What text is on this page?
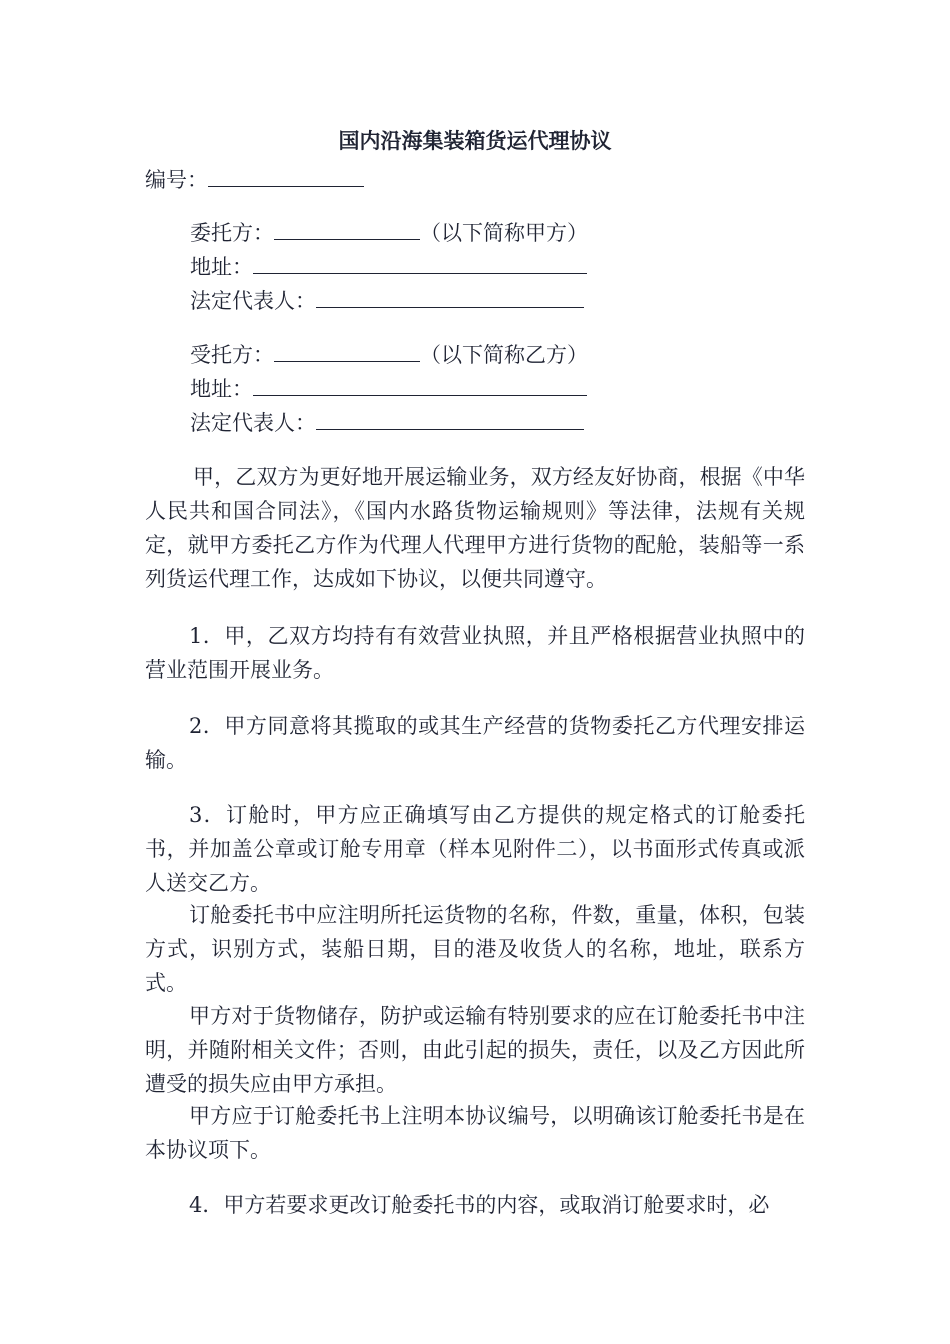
国内沿海集装箱货运代理协议
编号：
委托方：	（以下简称甲方）
地址：
法定代表人：
受托方：	（以下简称乙方）
地址：
法定代表人：
甲，乙双方为更好地开展运输业务，双方经友好协商，根据《中华人民共和国合同法》，《国内水路货物运输规则》等法律，法规有关规定，就甲方委托乙方作为代理人代理甲方进行货物的配舱，装船等一系列货运代理工作，达成如下协议，以便共同遵守。
1．甲，乙双方均持有有效营业执照，并且严格根据营业执照中的营业范围开展业务。
2．甲方同意将其揽取的或其生产经营的货物委托乙方代理安排运输。
3．订舱时，甲方应正确填写由乙方提供的规定格式的订舱委托书，并加盖公章或订舱专用章（样本见附件二），以书面形式传真或派人送交乙方。
订舱委托书中应注明所托运货物的名称，件数，重量，体积，包装方式，识别方式，装船日期，目的港及收货人的名称，地址，联系方式。
甲方对于货物储存，防护或运输有特别要求的应在订舱委托书中注明，并随附相关文件；否则，由此引起的损失，责任，以及乙方因此所遭受的损失应由甲方承担。
甲方应于订舱委托书上注明本协议编号，以明确该订舱委托书是在本协议项下。
4．甲方若要求更改订舱委托书的内容，或取消订舱要求时，必
